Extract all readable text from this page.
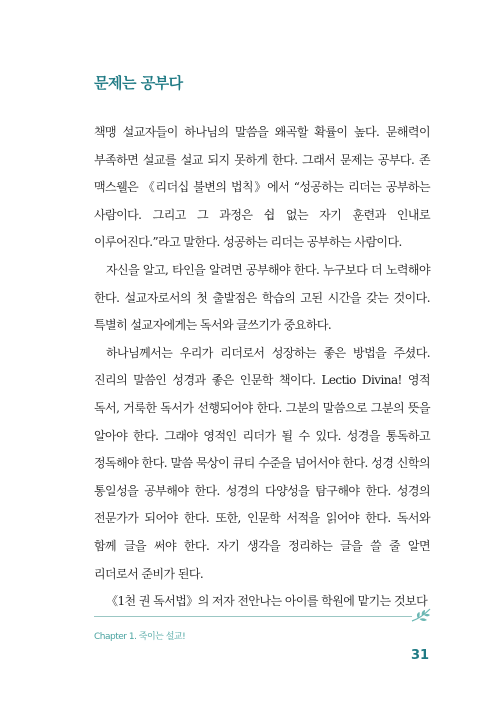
문제는 공부다

책맹 설교자들이 하나님의 말씀을 왜곡할 확률이 높다. 문해력이 부족하면 설교를 설교 되지 못하게 한다. 그래서 문제는 공부다. 존 맥스웰은 《리더십 불변의 법칙》에서 “성공하는 리더는 공부하는 사람이다. 그리고 그 과정은 쉽 없는 자기 훈련과 인내로 이루어진다.”라고 말한다. 성공하는 리더는 공부하는 사람이다.

자신을 알고, 타인을 알려면 공부해야 한다. 누구보다 더 노력해야 한다. 설교자로서의 첫 출발점은 학습의 고된 시간을 갖는 것이다. 특별히 설교자에게는 독서와 글쓰기가 중요하다.

하나님께서는 우리가 리더로서 성장하는 좋은 방법을 주셨다. 진리의 말씀인 성경과 좋은 인문학 책이다. Lectio Divina! 영적 독서, 거룩한 독서가 선행되어야 한다. 그분의 말씀으로 그분의 뜻을 알아야 한다. 그래야 영적인 리더가 될 수 있다. 성경을 통독하고 정독해야 한다. 말씀 묵상이 큐티 수준을 넘어서야 한다. 성경 신학의 통일성을 공부해야 한다. 성경의 다양성을 탐구해야 한다. 성경의 전문가가 되어야 한다. 또한, 인문학 서적을 읽어야 한다. 독서와 함께 글을 써야 한다. 자기 생각을 정리하는 글을 쓸 줄 알면 리더로서 준비가 된다.

《1천 권 독서법》의 저자 전안나는 아이를 학원에 맡기는 것보다

Chapter 1. 죽이는 설교!
31
